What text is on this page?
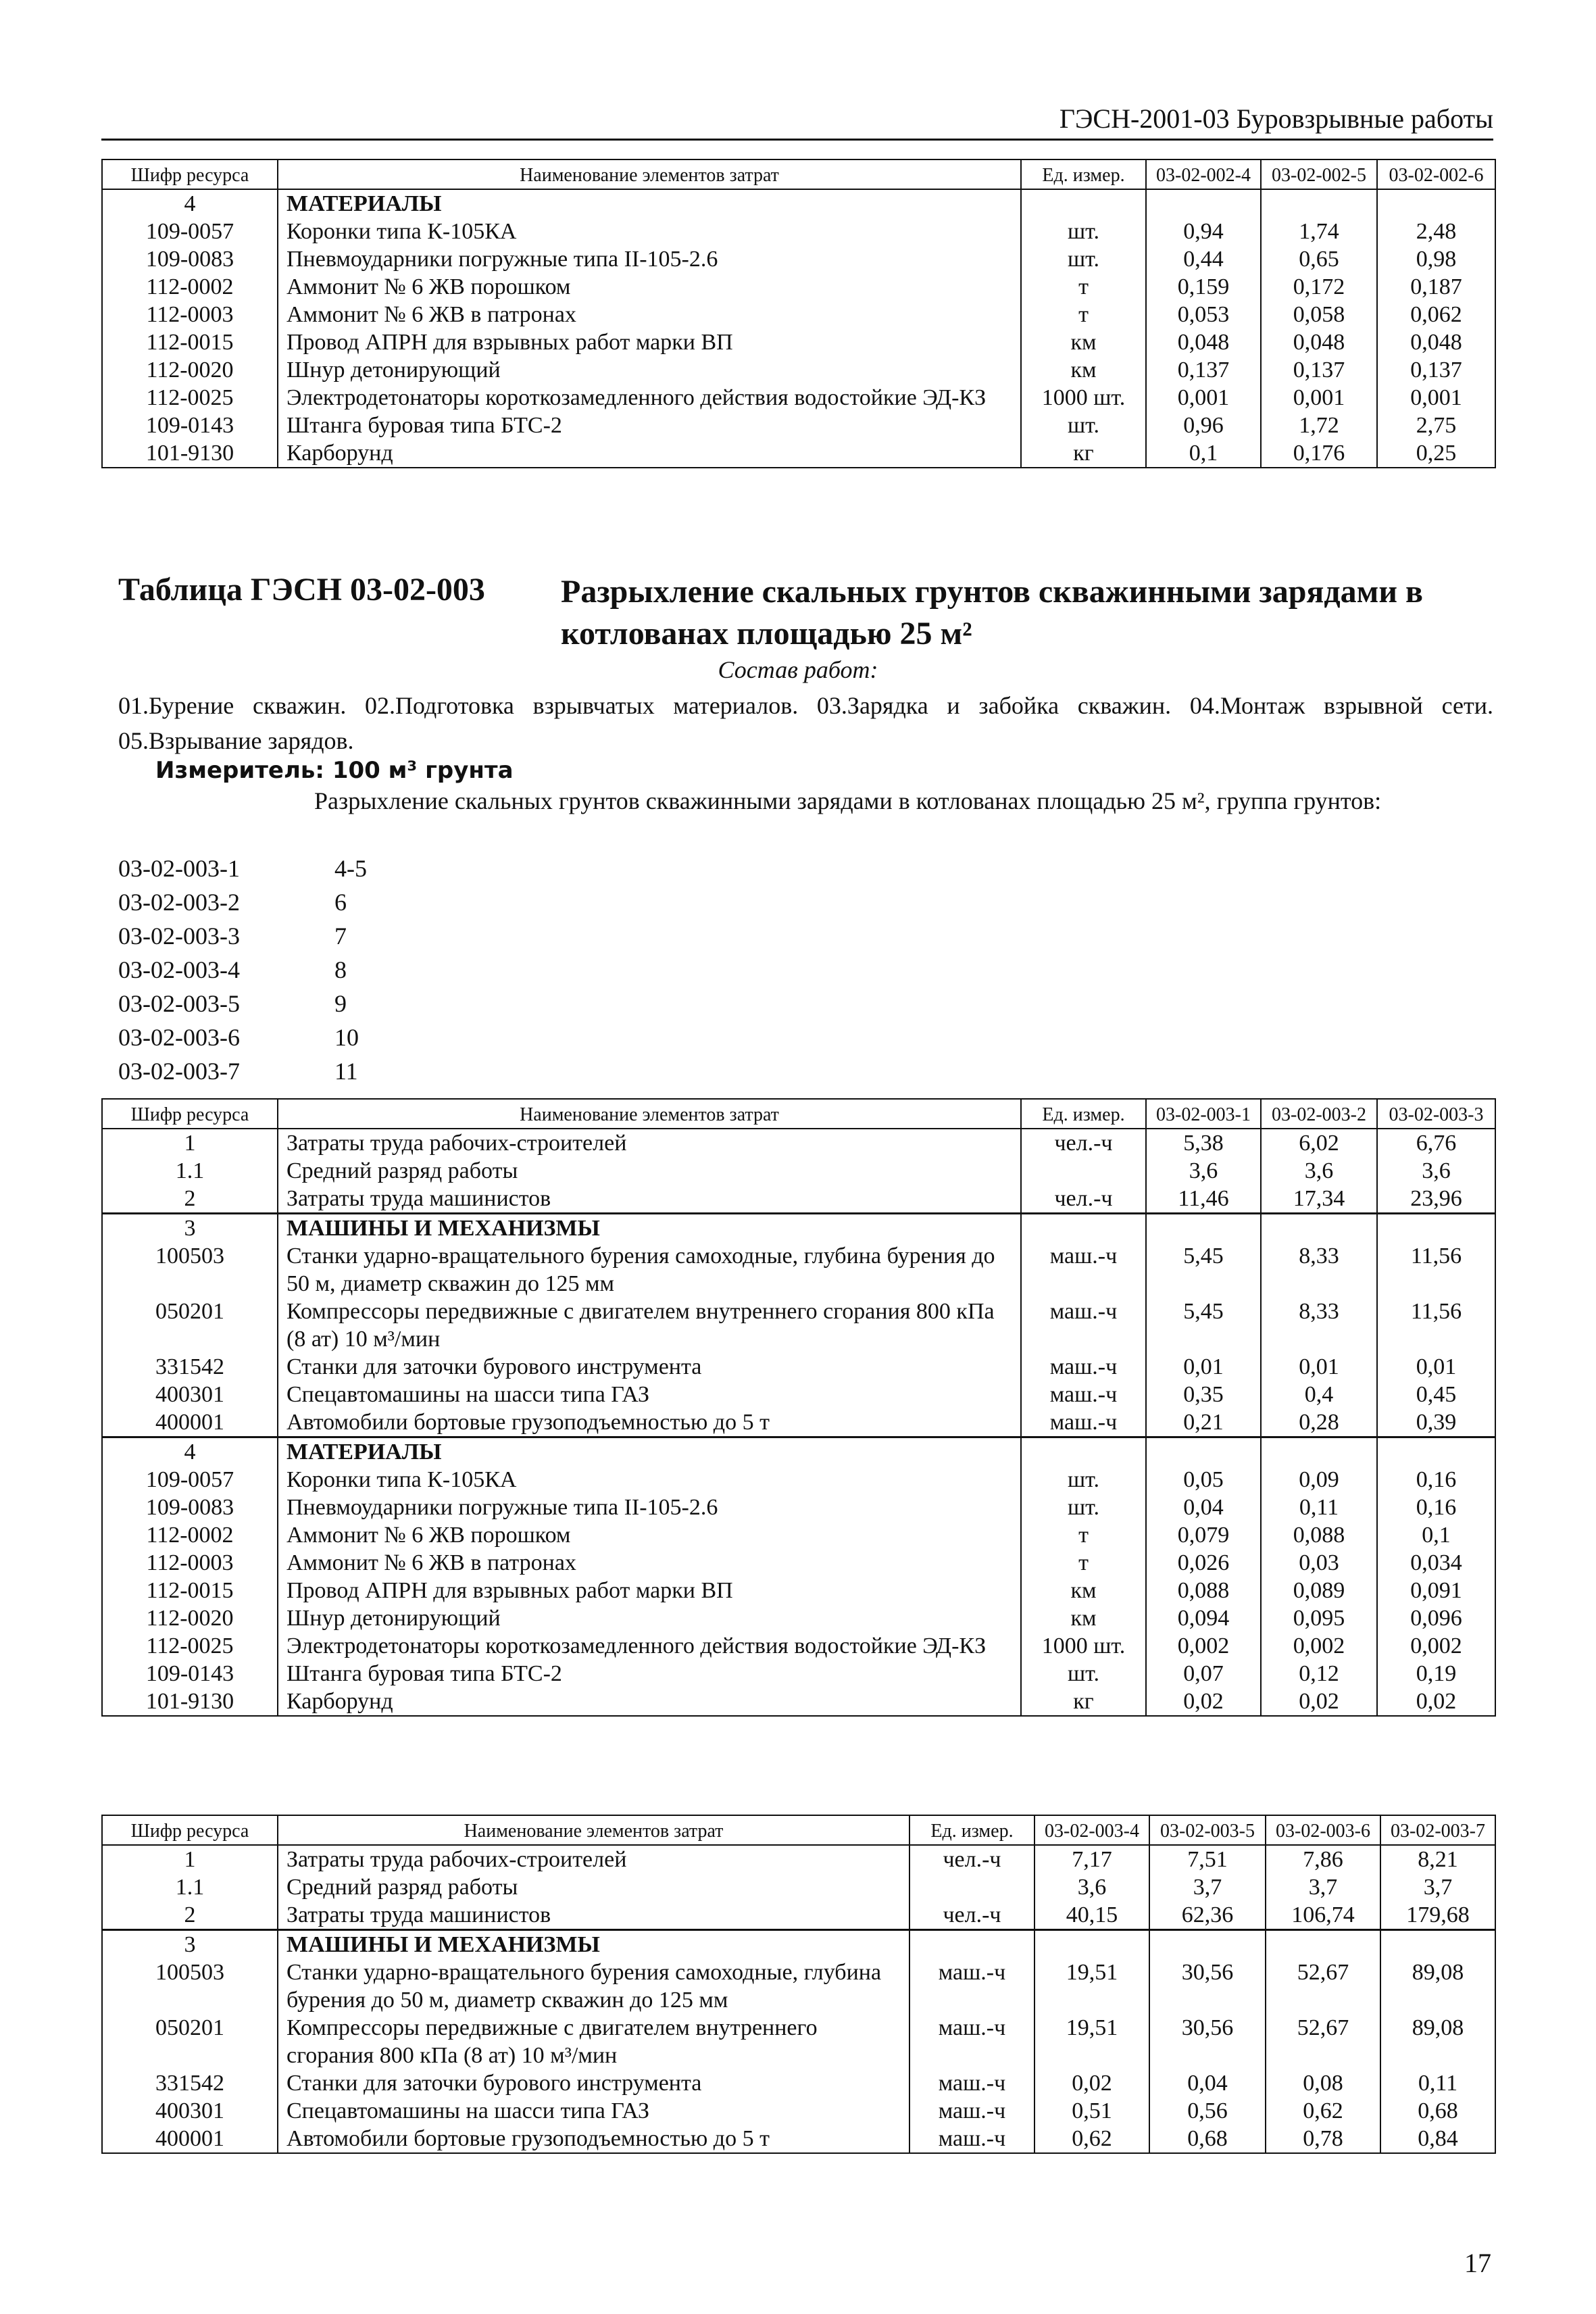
ГЭСН-2001-03 Буровзрывные работы
Шифр ресурса	Наименование элементов затрат	Ед. измер.	03-02-002-4	03-02-002-5	03-02-002-6
4	МАТЕРИАЛЫ				
109-0057	Коронки типа К-105КА	шт.	0,94	1,74	2,48
109-0083	Пневмоударники погружные типа II-105-2.6	шт.	0,44	0,65	0,98
112-0002	Аммонит № 6 ЖВ порошком	т	0,159	0,172	0,187
112-0003	Аммонит № 6 ЖВ в патронах	т	0,053	0,058	0,062
112-0015	Провод АПРН для взрывных работ марки ВП	км	0,048	0,048	0,048
112-0020	Шнур детонирующий	км	0,137	0,137	0,137
112-0025	Электродетонаторы короткозамедленного действия водостойкие ЭД-КЗ	1000 шт.	0,001	0,001	0,001
109-0143	Штанга буровая типа БТС-2	шт.	0,96	1,72	2,75
101-9130	Карборунд	кг	0,1	0,176	0,25
Таблица ГЭСН 03-02-003 Разрыхление скальных грунтов скважинными зарядами в котлованах площадью 25 м²
Состав работ:
01.Бурение скважин. 02.Подготовка взрывчатых материалов. 03.Зарядка и забойка скважин. 04.Монтаж взрывной сети. 05.Взрывание зарядов.
Измеритель: 100 м³ грунта
Разрыхление скальных грунтов скважинными зарядами в котлованах площадью 25 м², группа грунтов:
03-02-003-1	4-5
03-02-003-2	6
03-02-003-3	7
03-02-003-4	8
03-02-003-5	9
03-02-003-6	10
03-02-003-7	11
Шифр ресурса	Наименование элементов затрат	Ед. измер.	03-02-003-1	03-02-003-2	03-02-003-3
1	Затраты труда рабочих-строителей	чел.-ч	5,38	6,02	6,76
1.1	Средний разряд работы		3,6	3,6	3,6
2	Затраты труда машинистов	чел.-ч	11,46	17,34	23,96
3	МАШИНЫ И МЕХАНИЗМЫ				
100503	Станки ударно-вращательного бурения самоходные, глубина бурения до 50 м, диаметр скважин до 125 мм	маш.-ч	5,45	8,33	11,56
050201	Компрессоры передвижные с двигателем внутреннего сгорания 800 кПа (8 ат) 10 м³/мин	маш.-ч	5,45	8,33	11,56
331542	Станки для заточки бурового инструмента	маш.-ч	0,01	0,01	0,01
400301	Спецавтомашины на шасси типа ГАЗ	маш.-ч	0,35	0,4	0,45
400001	Автомобили бортовые грузоподъемностью до 5 т	маш.-ч	0,21	0,28	0,39
4	МАТЕРИАЛЫ				
109-0057	Коронки типа К-105КА	шт.	0,05	0,09	0,16
109-0083	Пневмоударники погружные типа II-105-2.6	шт.	0,04	0,11	0,16
112-0002	Аммонит № 6 ЖВ порошком	т	0,079	0,088	0,1
112-0003	Аммонит № 6 ЖВ в патронах	т	0,026	0,03	0,034
112-0015	Провод АПРН для взрывных работ марки ВП	км	0,088	0,089	0,091
112-0020	Шнур детонирующий	км	0,094	0,095	0,096
112-0025	Электродетонаторы короткозамедленного действия водостойкие ЭД-КЗ	1000 шт.	0,002	0,002	0,002
109-0143	Штанга буровая типа БТС-2	шт.	0,07	0,12	0,19
101-9130	Карборунд	кг	0,02	0,02	0,02
Шифр ресурса	Наименование элементов затрат	Ед. измер.	03-02-003-4	03-02-003-5	03-02-003-6	03-02-003-7
1	Затраты труда рабочих-строителей	чел.-ч	7,17	7,51	7,86	8,21
1.1	Средний разряд работы		3,6	3,7	3,7	3,7
2	Затраты труда машинистов	чел.-ч	40,15	62,36	106,74	179,68
3	МАШИНЫ И МЕХАНИЗМЫ					
100503	Станки ударно-вращательного бурения самоходные, глубина бурения до 50 м, диаметр скважин до 125 мм	маш.-ч	19,51	30,56	52,67	89,08
050201	Компрессоры передвижные с двигателем внутреннего сгорания 800 кПа (8 ат) 10 м³/мин	маш.-ч	19,51	30,56	52,67	89,08
331542	Станки для заточки бурового инструмента	маш.-ч	0,02	0,04	0,08	0,11
400301	Спецавтомашины на шасси типа ГАЗ	маш.-ч	0,51	0,56	0,62	0,68
400001	Автомобили бортовые грузоподъемностью до 5 т	маш.-ч	0,62	0,68	0,78	0,84
17
